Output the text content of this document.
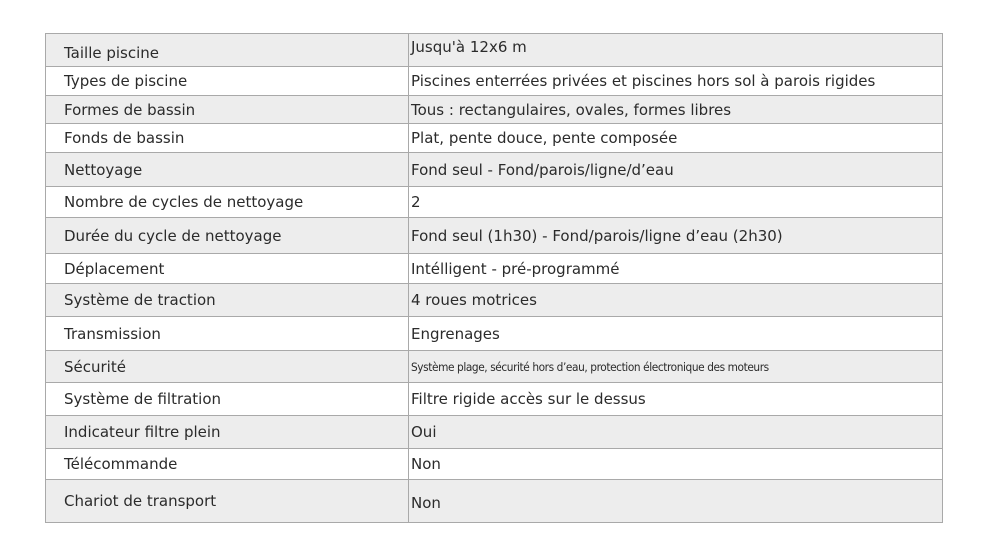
Taille piscine	Jusqu'à 12x6 m
Types de piscine	Piscines enterrées privées et piscines hors sol à parois rigides
Formes de bassin	Tous : rectangulaires, ovales, formes libres
Fonds de bassin	Plat, pente douce, pente composée
Nettoyage	Fond seul - Fond/parois/ligne/d’eau
Nombre de cycles de nettoyage	2
Durée du cycle de nettoyage	Fond seul (1h30) - Fond/parois/ligne d’eau (2h30)
Déplacement	Intélligent - pré-programmé
Système de traction	4 roues motrices
Transmission	Engrenages
Sécurité	Système plage, sécurité hors d’eau, protection électronique des moteurs
Système de filtration	Filtre rigide accès sur le dessus
Indicateur filtre plein	Oui
Télécommande	Non
Chariot de transport	Non
